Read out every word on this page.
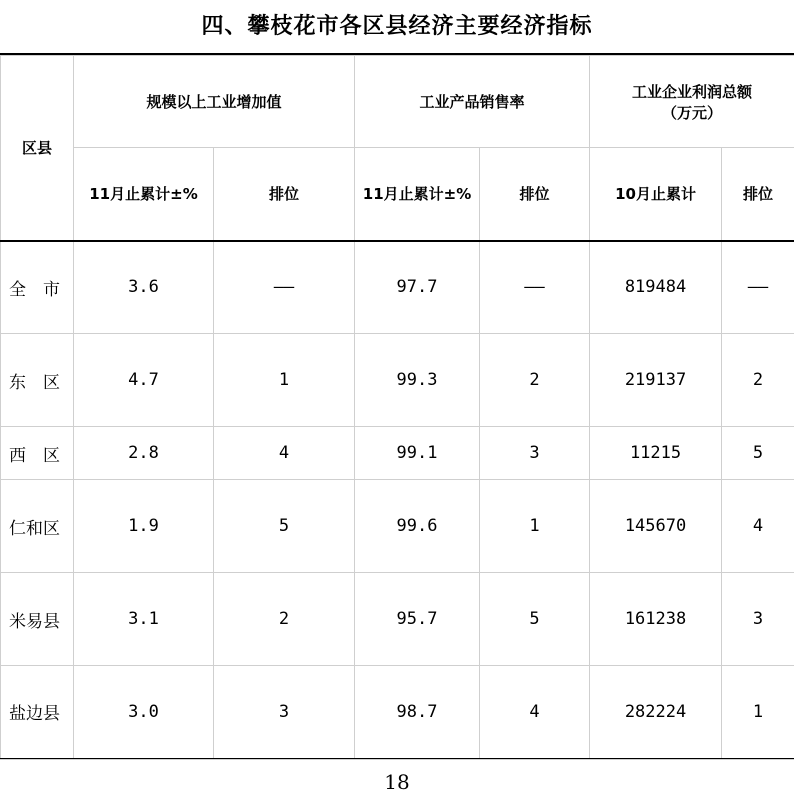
四、攀枝花市各区县经济主要经济指标
区县	规模以上工业增加值		工业产品销售率		工业企业利润总额
（万元）	

	11月止累计±%	排位	11月止累计±%	排位	10月止累计	排位
全　市	3.6	——	97.7	——	819484	——
东　区	4.7	1	99.3	2	219137	2
西　区	2.8	4	99.1	3	11215	5
仁和区	1.9	5	99.6	1	145670	4
米易县	3.1	2	95.7	5	161238	3
盐边县	3.0	3	98.7	4	282224	1
18
